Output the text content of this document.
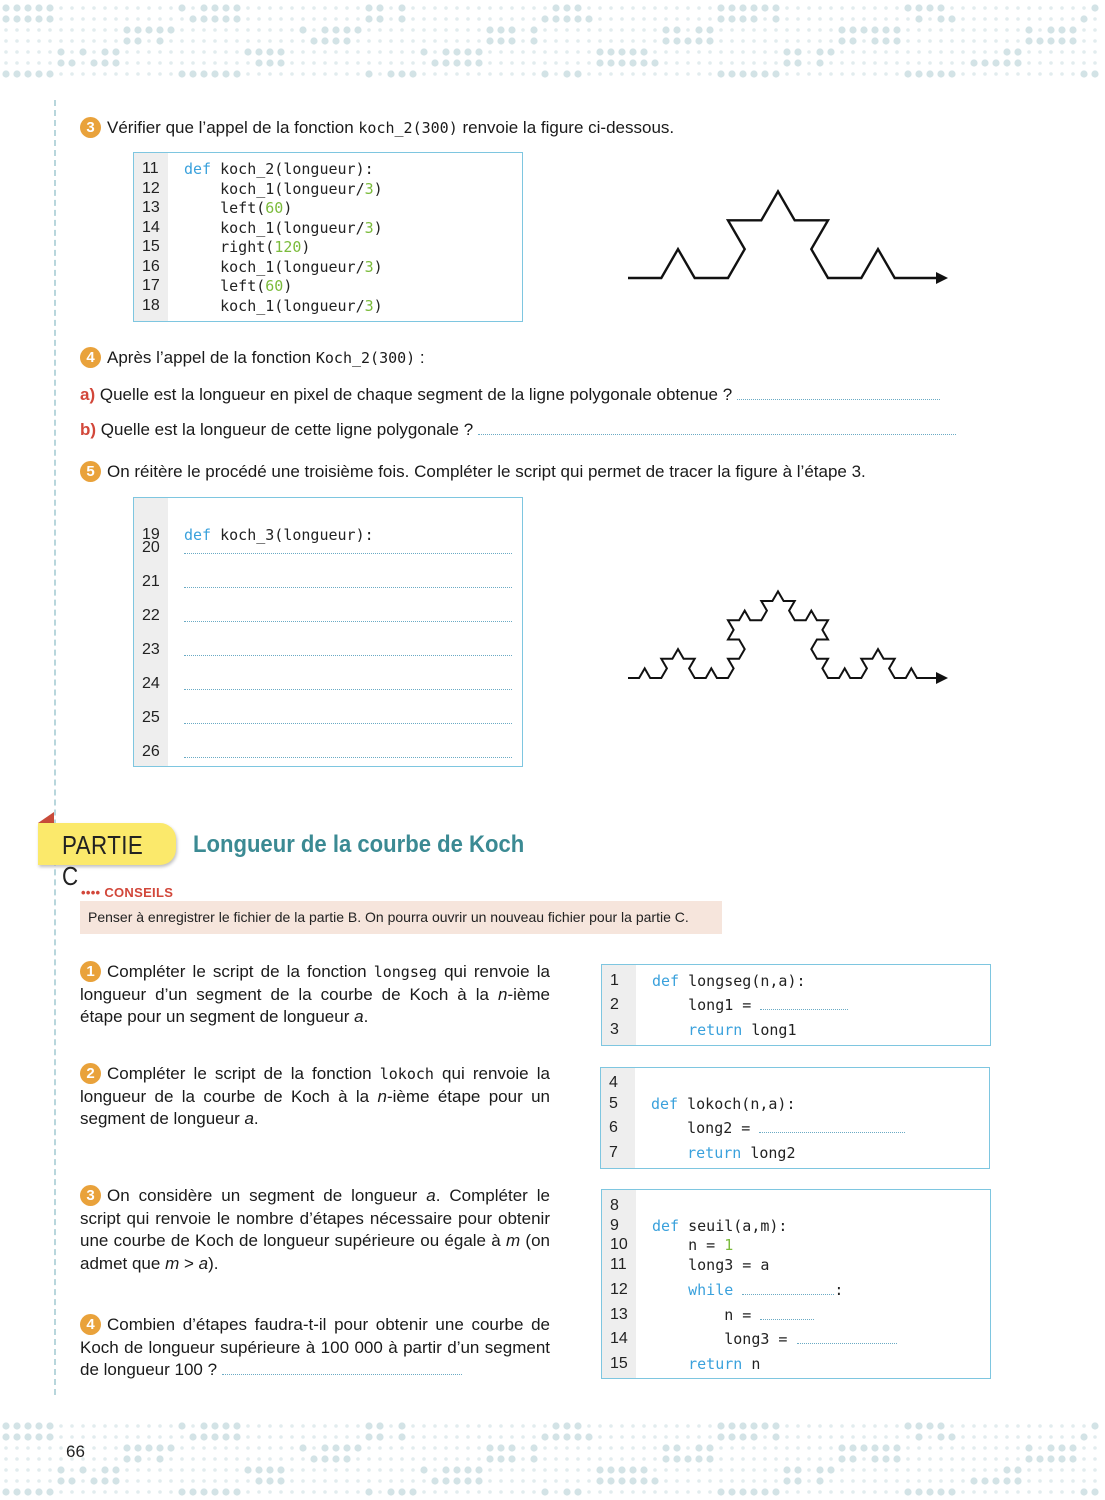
3 Vérifier que l’appel de la fonction koch_2(300) renvoie la figure ci-dessous.
11 def koch_2(longueur):
12 koch_1(longueur/3)
13 left(60)
14 koch_1(longueur/3)
15 right(120)
16 koch_1(longueur/3)
17 left(60)
18 koch_1(longueur/3)
4 Après l’appel de la fonction Koch_2(300) :
a) Quelle est la longueur en pixel de chaque segment de la ligne polygonale obtenue ?
b) Quelle est la longueur de cette ligne polygonale ?
5 On réitère le procédé une troisième fois. Compléter le script qui permet de tracer la figure à l’étape 3.

19 def koch_3(longueur):

20
21
22
23
24
25
26
PARTIE C
Longueur de la courbe de Koch
•••• CONSEILS
Penser à enregistrer le fichier de la partie B. On pourra ouvrir un nouveau fichier pour la partie C.
1 Compléter le script de la fonction longseg qui renvoie la longueur d’un segment de la courbe de Koch à la n-ième étape pour un segment de longueur a.
2 Compléter le script de la fonction lokoch qui renvoie la longueur de la courbe de Koch à la n-ième étape pour un segment de longueur a.
3 On considère un segment de longueur a. Compléter le script qui renvoie le nombre d’étapes nécessaire pour obtenir une courbe de Koch de longueur supérieure ou égale à m (on admet que m > a).
4 Combien d’étapes faudra-t-il pour obtenir une courbe de Koch de longueur supérieure à 100 000 à partir d’un segment de longueur 100 ?
1 def longseg(n,a):
2 long1 =
3 return long1
4
5 def lokoch(n,a):
6 long2 =
7 return long2
8
9 def seuil(a,m):
10 n = 1
11 long3 = a
12 while	:
13 n =
14 long3 =
15 return n
66
